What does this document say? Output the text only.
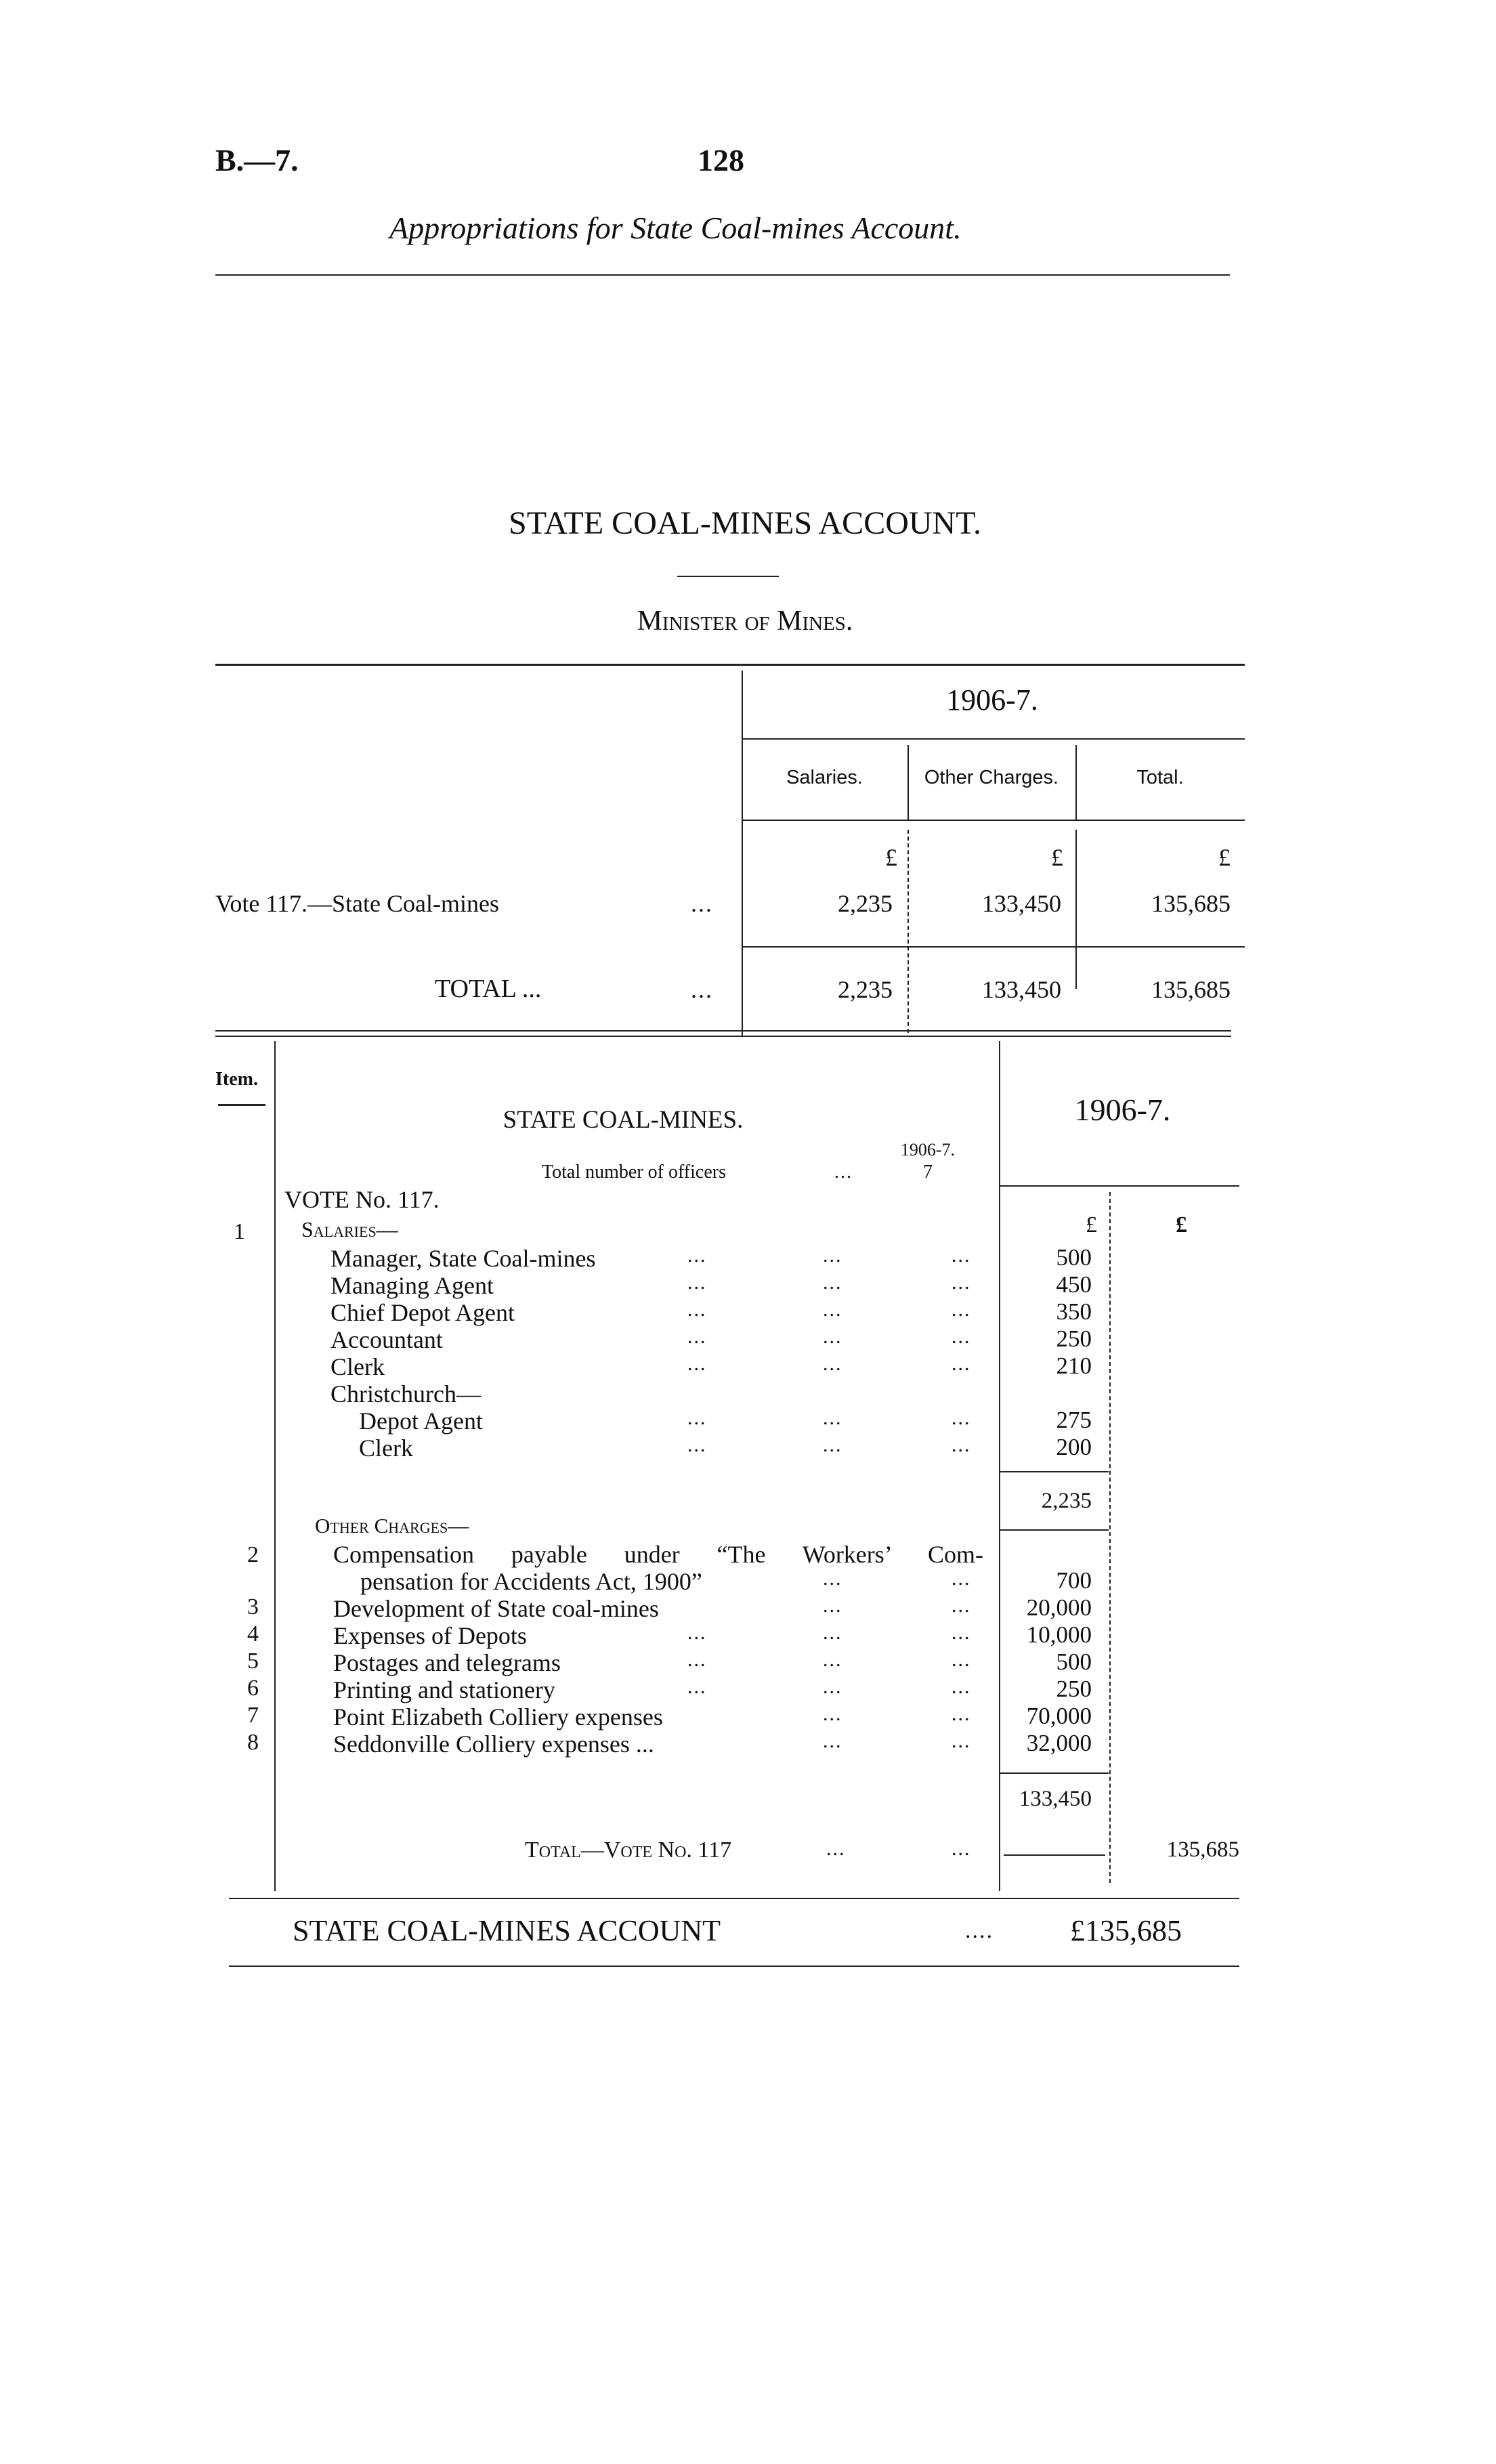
B.—7.	128
Appropriations for State Coal-mines Account.
STATE COAL-MINES ACCOUNT.
Minister of Mines.
1906-7.
Salaries.	Other Charges.	Total.
£	£	£
Vote 117.—State Coal-mines	...	2,235	133,450	135,685
TOTAL ...	...	2,235	133,450	135,685
Item.
STATE COAL-MINES.	1906-7.
Total number of officers	...
1906-7.
7
VOTE No. 117.
£	£
1	Salaries—
Manager, State Coal-mines	...	...	...	500
Managing Agent	...	...	...	450
Chief Depot Agent	...	...	...	350
Accountant	...	...	...	250
Clerk	...	...	...	210
Christchurch—
Depot Agent	...	...	...	275
Clerk	...	...	...	200
2,235
Other Charges—
2	Compensation payable under “The Workers’ Com-
pensation for Accidents Act, 1900”	...	...	700
3	Development of State coal-mines	...	...	20,000
4	Expenses of Depots	...	...	...	10,000
5	Postages and telegrams	...	...	...	500
6	Printing and stationery	...	...	...	250
7	Point Elizabeth Colliery expenses	...	...	70,000
8	Seddonville Colliery expenses ...	...	...	32,000
133,450
Total—Vote No. 117	...	...	135,685
STATE COAL-MINES ACCOUNT	....	£135,685
